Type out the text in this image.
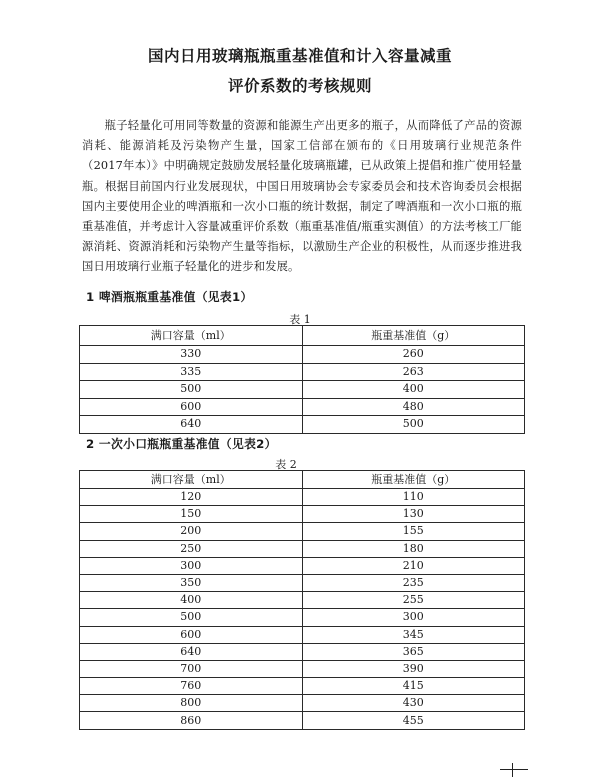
国内日用玻璃瓶瓶重基准值和计入容量减重
评价系数的考核规则
瓶子轻量化可用同等数量的资源和能源生产出更多的瓶子，从而降低了产品的资源消耗、能源消耗及污染物产生量，国家工信部在颁布的《日用玻璃行业规范条件（2017年本）》中明确规定鼓励发展轻量化玻璃瓶罐，已从政策上提倡和推广使用轻量瓶。根据目前国内行业发展现状，中国日用玻璃协会专家委员会和技术咨询委员会根据国内主要使用企业的啤酒瓶和一次小口瓶的统计数据，制定了啤酒瓶和一次小口瓶的瓶重基准值，并考虑计入容量减重评价系数（瓶重基准值/瓶重实测值）的方法考核工厂能源消耗、资源消耗和污染物产生量等指标，以激励生产企业的积极性，从而逐步推进我国日用玻璃行业瓶子轻量化的进步和发展。
1 啤酒瓶瓶重基准值（见表1）
表 1
满口容量（ml）	瓶重基准值（g）
330	260
335	263
500	400
600	480
640	500
2 一次小口瓶瓶重基准值（见表2）
表 2
满口容量（ml）	瓶重基准值（g）
120	110
150	130
200	155
250	180
300	210
350	235
400	255
500	300
600	345
640	365
700	390
760	415
800	430
860	455
